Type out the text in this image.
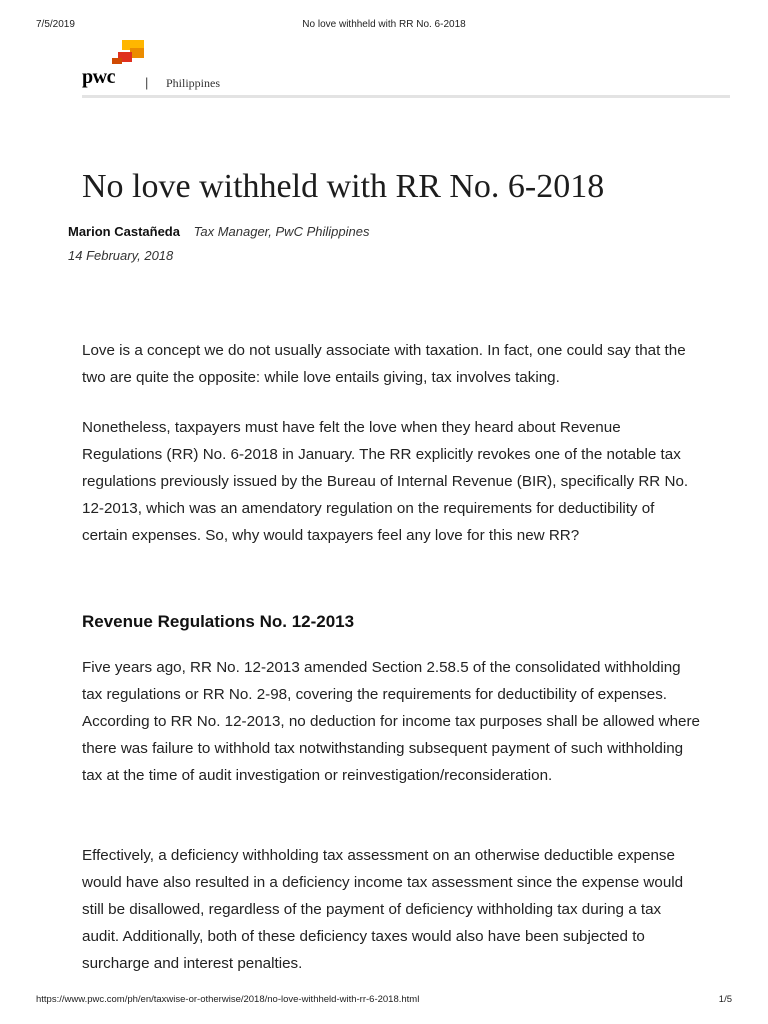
7/5/2019	No love withheld with RR No. 6-2018
pwc | Philippines
No love withheld with RR No. 6-2018
Marion Castañeda Tax Manager, PwC Philippines
14 February, 2018

Love is a concept we do not usually associate with taxation. In fact, one could say that the two are quite the opposite: while love entails giving, tax involves taking.

Nonetheless, taxpayers must have felt the love when they heard about Revenue Regulations (RR) No. 6-2018 in January. The RR explicitly revokes one of the notable tax regulations previously issued by the Bureau of Internal Revenue (BIR), specifically RR No. 12-2013, which was an amendatory regulation on the requirements for deductibility of certain expenses. So, why would taxpayers feel any love for this new RR?

Revenue Regulations No. 12-2013

Five years ago, RR No. 12-2013 amended Section 2.58.5 of the consolidated withholding tax regulations or RR No. 2-98, covering the requirements for deductibility of expenses. According to RR No. 12-2013, no deduction for income tax purposes shall be allowed where there was failure to withhold tax notwithstanding subsequent payment of such withholding tax at the time of audit investigation or reinvestigation/reconsideration.

Effectively, a deficiency withholding tax assessment on an otherwise deductible expense would have also resulted in a deficiency income tax assessment since the expense would still be disallowed, regardless of the payment of deficiency withholding tax during a tax audit. Additionally, both of these deficiency taxes would also have been subjected to surcharge and interest penalties.

https://www.pwc.com/ph/en/taxwise-or-otherwise/2018/no-love-withheld-with-rr-6-2018.html	1/5
